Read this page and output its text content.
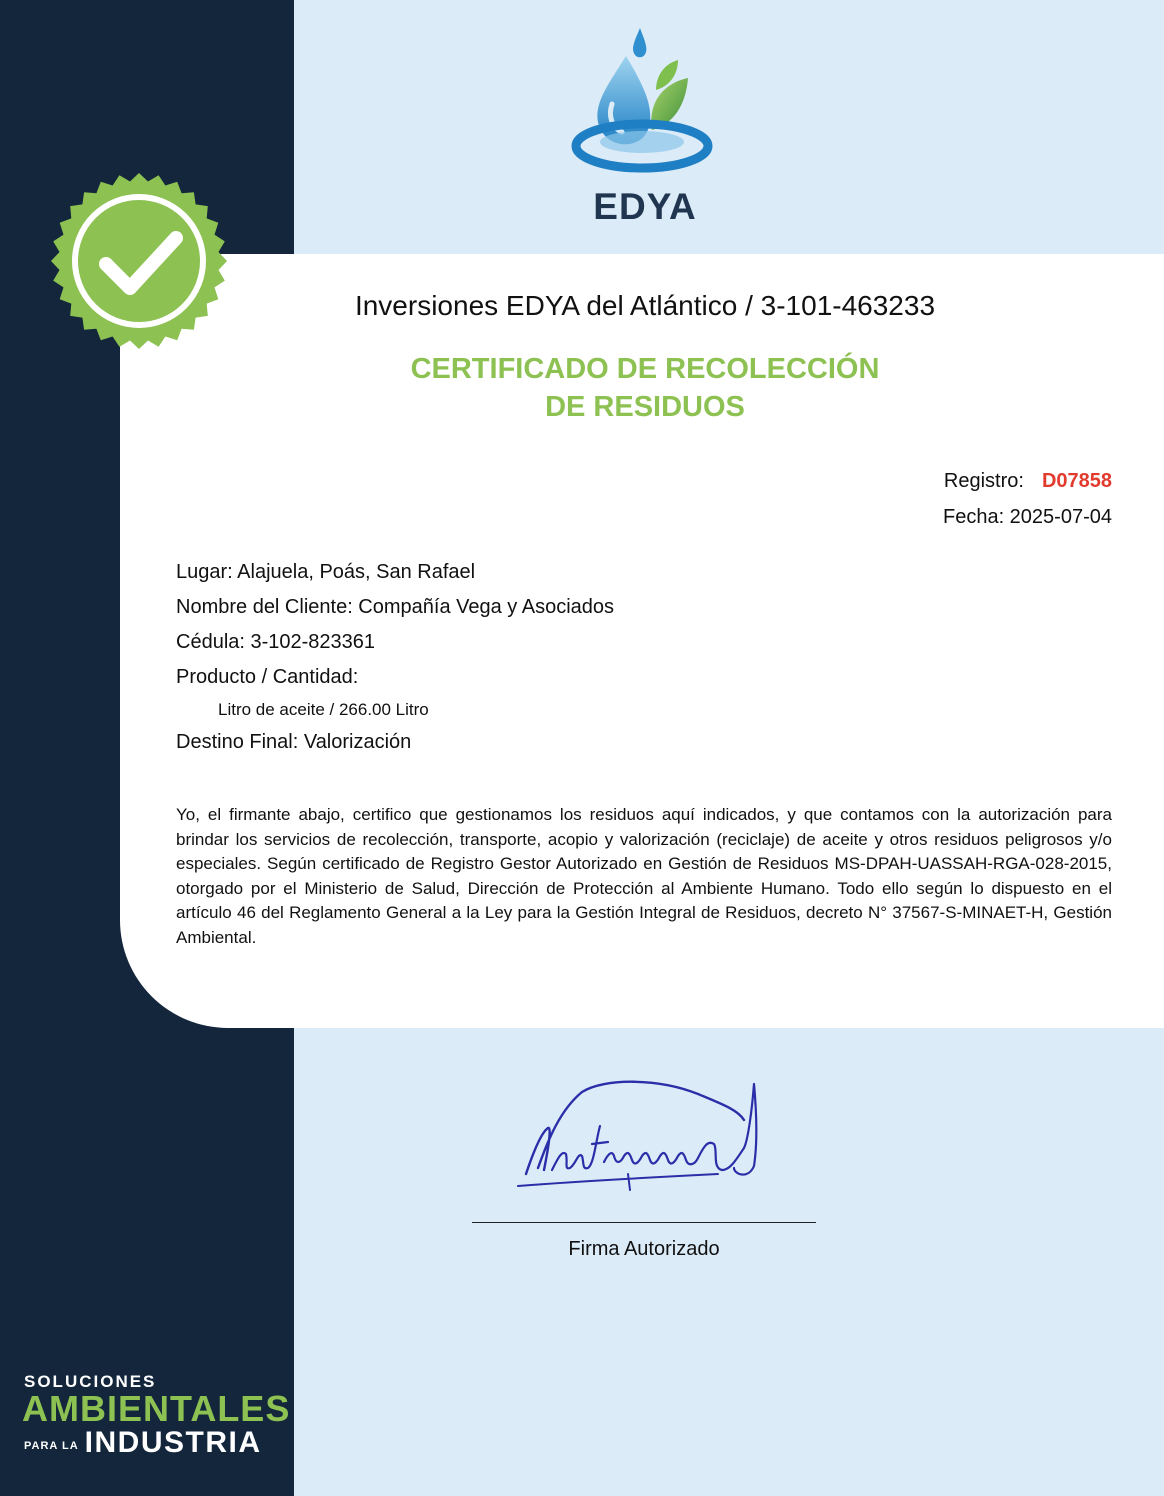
EDYA
Inversiones EDYA del Atlántico / 3-101-463233
CERTIFICADO DE RECOLECCIÓN
DE RESIDUOS
Registro: D07858
Fecha: 2025-07-04
Lugar: Alajuela, Poás, San Rafael
Nombre del Cliente: Compañía Vega y Asociados
Cédula: 3-102-823361
Producto / Cantidad:
Litro de aceite / 266.00 Litro
Destino Final: Valorización
Yo, el firmante abajo, certifico que gestionamos los residuos aquí indicados, y que contamos con la autorización para brindar los servicios de recolección, transporte, acopio y valorización (reciclaje) de aceite y otros residuos peligrosos y/o especiales. Según certificado de Registro Gestor Autorizado en Gestión de Residuos MS-DPAH-UASSAH-RGA-028-2015, otorgado por el Ministerio de Salud, Dirección de Protección al Ambiente Humano. Todo ello según lo dispuesto en el artículo 46 del Reglamento General a la Ley para la Gestión Integral de Residuos, decreto N° 37567-S-MINAET-H, Gestión Ambiental.
Firma Autorizado
SOLUCIONES
AMBIENTALES
PARA LA INDUSTRIA
